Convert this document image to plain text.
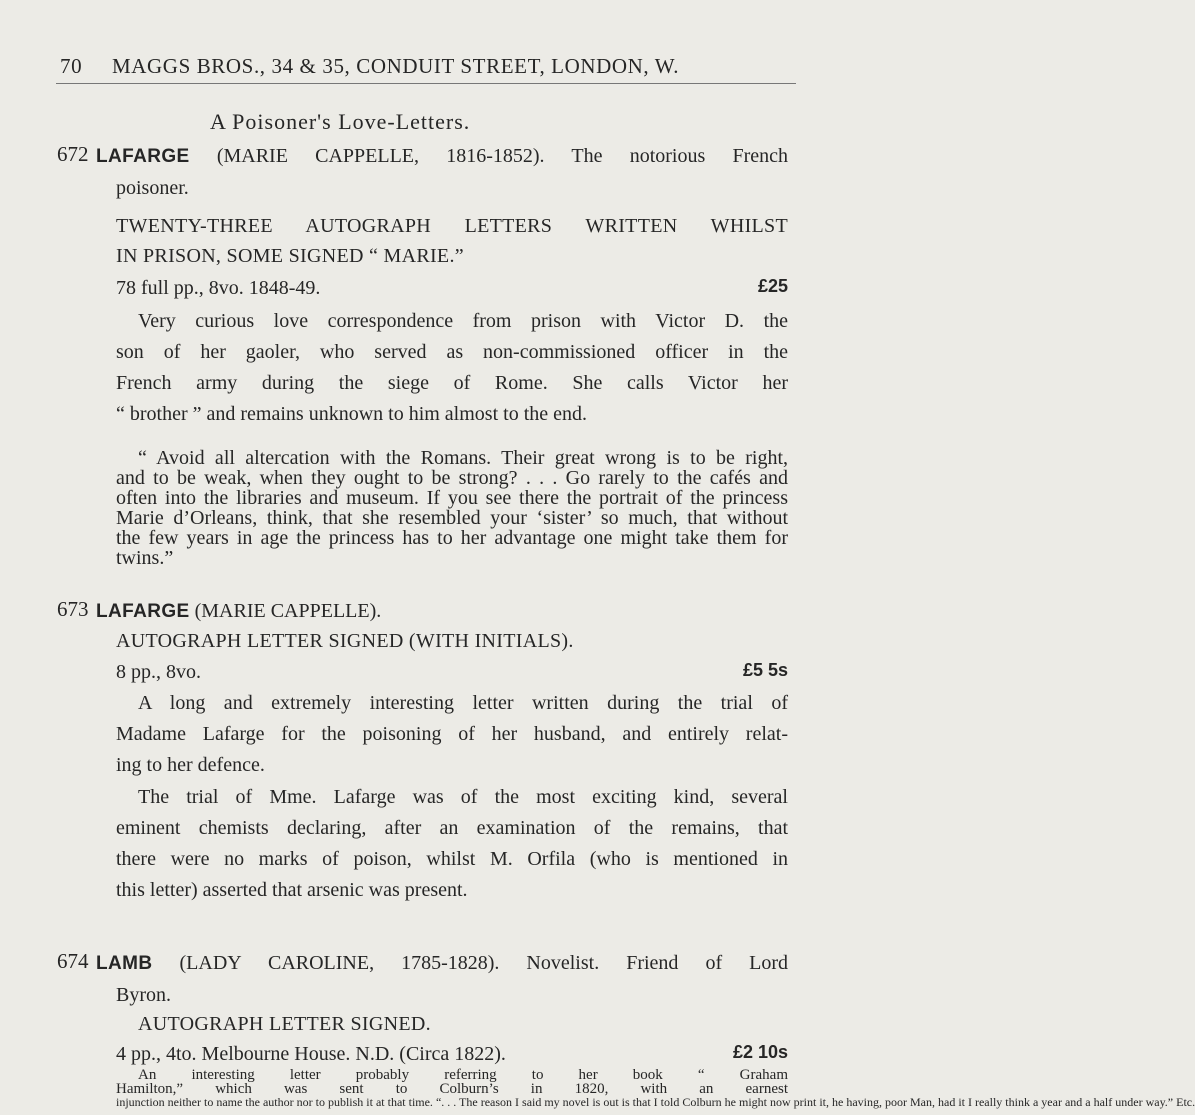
70 MAGGS BROS., 34 & 35, CONDUIT STREET, LONDON, W.
A Poisoner's Love-Letters.
672 LAFARGE (MARIE CAPPELLE, 1816-1852). The notorious French
poisoner.
TWENTY-THREE AUTOGRAPH LETTERS WRITTEN WHILST
IN PRISON, SOME SIGNED “ MARIE.”
78 full pp., 8vo. 1848-49.	£25
Very curious love correspondence from prison with Victor D. the
son of her gaoler, who served as non-commissioned officer in the
French army during the siege of Rome. She calls Victor her
“ brother ” and remains unknown to him almost to the end.
“ Avoid all altercation with the Romans. Their great wrong is to be right,
and to be weak, when they ought to be strong? . . . Go rarely to the cafés and
often into the libraries and museum. If you see there the portrait of the princess
Marie d’Orleans, think, that she resembled your ‘sister’ so much, that without
the few years in age the princess has to her advantage one might take them for
twins.”
673 LAFARGE (MARIE CAPPELLE).
AUTOGRAPH LETTER SIGNED (WITH INITIALS).
8 pp., 8vo.	£5 5s
A long and extremely interesting letter written during the trial of
Madame Lafarge for the poisoning of her husband, and entirely relat-
ing to her defence.
The trial of Mme. Lafarge was of the most exciting kind, several
eminent chemists declaring, after an examination of the remains, that
there were no marks of poison, whilst M. Orfila (who is mentioned in
this letter) asserted that arsenic was present.
674 LAMB (LADY CAROLINE, 1785-1828). Novelist. Friend of Lord
Byron.
AUTOGRAPH LETTER SIGNED.
4 pp., 4to. Melbourne House. N.D. (Circa 1822).	£2 10s
An interesting letter probably referring to her book “ Graham
Hamilton,” which was sent to Colburn’s in 1820, with an earnest
injunction neither to name the author nor to publish it at that time. “. . . The reason I said my novel is out is that I told Colburn he might now print it, he having, poor Man, had it I really think a year and a half under way.” Etc.
